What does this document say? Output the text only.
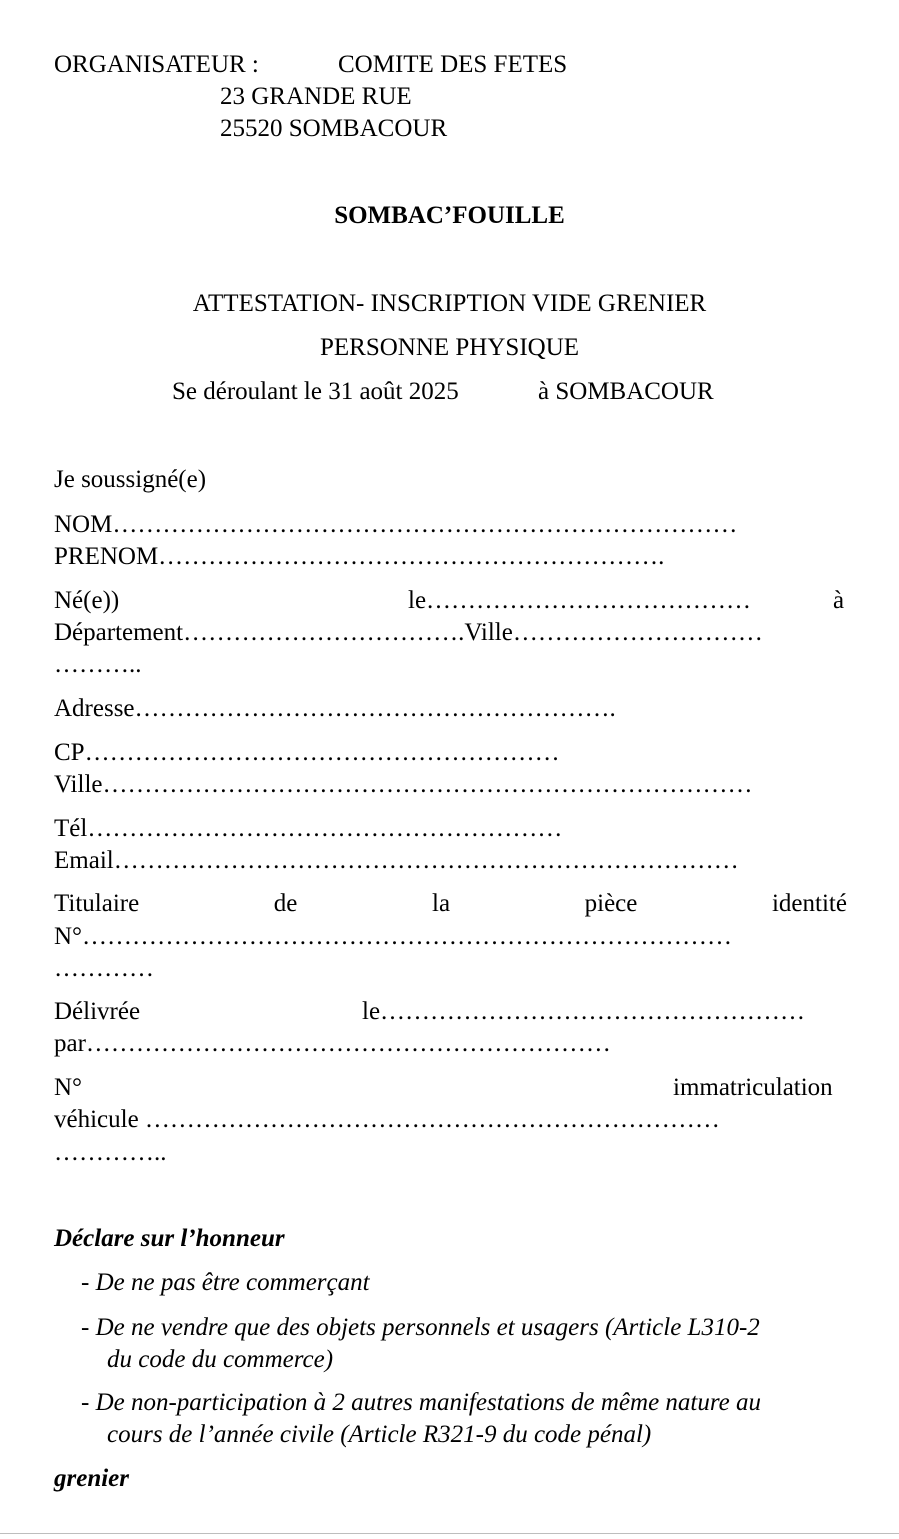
ORGANISATEUR :	COMITE DES FETES
23 GRANDE RUE
25520 SOMBACOUR
SOMBAC’FOUILLE
ATTESTATION- INSCRIPTION VIDE GRENIER
PERSONNE PHYSIQUE
Se déroulant le 31 août 2025	à SOMBACOUR
Je soussigné(e)
NOM…………………………………………………………………
PRENOM…………………………………………………….
Né(e))	le…………………………………	à
Département…………………………….Ville…………………………
………..
Adresse………………………………………………….
CP…………………………………………………
Ville……………………………………………………………………
Tél…………………………………………………
Email…………………………………………………………………
Titulaire	de	la	pièce	identité
N°……………………………………………………………………
…………
Délivrée	le……………………………………………
par………………………………………………………
N°	immatriculation
véhicule ……………………………………………………………
…………..
Déclare sur l’honneur
- De ne pas être commerçant
- De ne vendre que des objets personnels et usagers (Article L310-2
du code du commerce)
- De non-participation à 2 autres manifestations de même nature au
cours de l’année civile (Article R321-9 du code pénal)
grenier
